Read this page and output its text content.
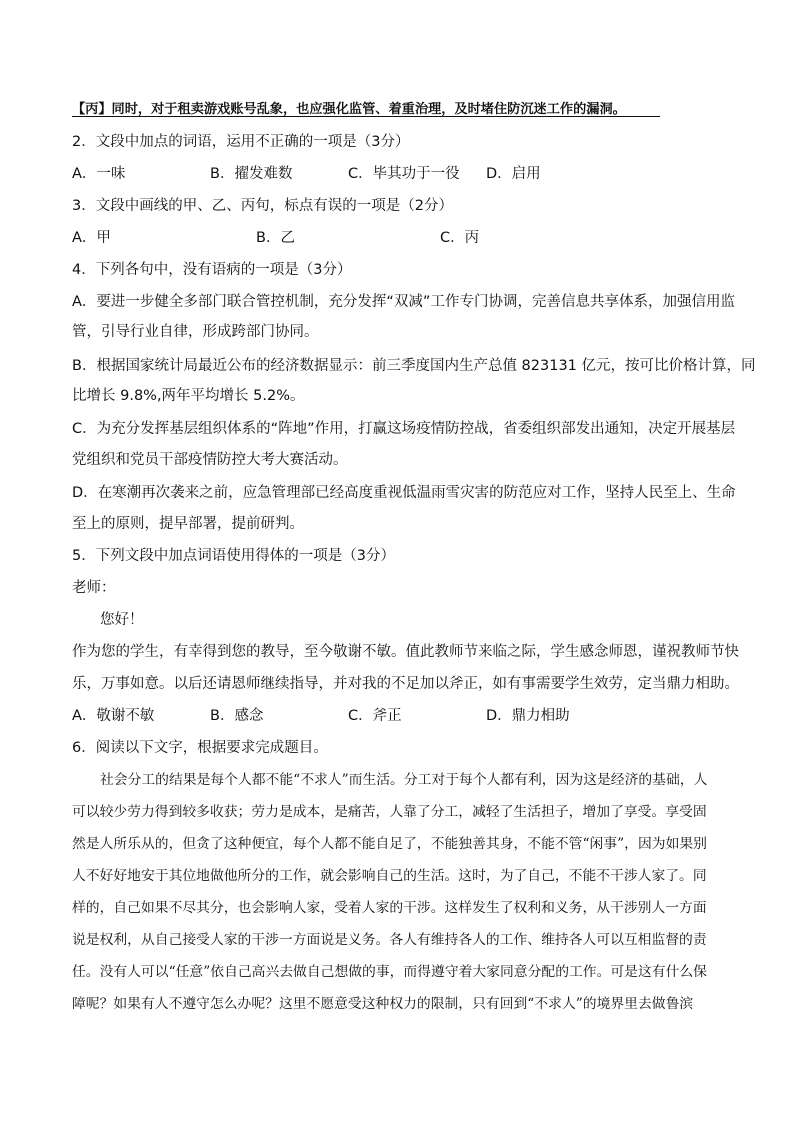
【丙】同时，对于租卖游戏账号乱象，也应强化监管、着重治理，及时堵住防沉迷工作的漏洞。
2．文段中加点的词语，运用不正确的一项是（3分）
A．一味	B．擢发难数	C．毕其功于一役 D．启用
3．文段中画线的甲、乙、丙句，标点有误的一项是（2分）
A．甲	B．乙	C．丙
4．下列各句中，没有语病的一项是（3分）
A．要进一步健全多部门联合管控机制，充分发挥“双减”工作专门协调，完善信息共享体系，加强信用监
管，引导行业自律，形成跨部门协同。
B．根据国家统计局最近公布的经济数据显示：前三季度国内生产总值 823131 亿元，按可比价格计算，同
比增长 9.8%,两年平均增长 5.2%。
C．为充分发挥基层组织体系的“阵地”作用，打赢这场疫情防控战，省委组织部发出通知，决定开展基层
党组织和党员干部疫情防控大考大赛活动。
D．在寒潮再次袭来之前，应急管理部已经高度重视低温雨雪灾害的防范应对工作，坚持人民至上、生命
至上的原则，提早部署，提前研判。
5．下列文段中加点词语使用得体的一项是（3分）
老师：
您好！
作为您的学生，有幸得到您的教导，至今敬谢不敏。值此教师节来临之际，学生感念师恩，谨祝教师节快
乐，万事如意。以后还请恩师继续指导，并对我的不足加以斧正，如有事需要学生效劳，定当鼎力相助。
A．敬谢不敏	B．感念	C．斧正	D．鼎力相助
6．阅读以下文字，根据要求完成题目。
社会分工的结果是每个人都不能“不求人”而生活。分工对于每个人都有利，因为这是经济的基础，人
可以较少劳力得到较多收获；劳力是成本，是痛苦，人靠了分工，减轻了生活担子，增加了享受。享受固
然是人所乐从的，但贪了这种便宜，每个人都不能自足了，不能独善其身，不能不管“闲事”，因为如果别
人不好好地安于其位地做他所分的工作，就会影响自己的生活。这时，为了自己，不能不干涉人家了。同
样的，自己如果不尽其分，也会影响人家，受着人家的干涉。这样发生了权利和义务，从干涉别人一方面
说是权利，从自己接受人家的干涉一方面说是义务。各人有维持各人的工作、维持各人可以互相监督的责
任。没有人可以“任意”依自己高兴去做自己想做的事，而得遵守着大家同意分配的工作。可是这有什么保
障呢？如果有人不遵守怎么办呢？这里不愿意受这种权力的限制，只有回到“不求人”的境界里去做鲁滨
